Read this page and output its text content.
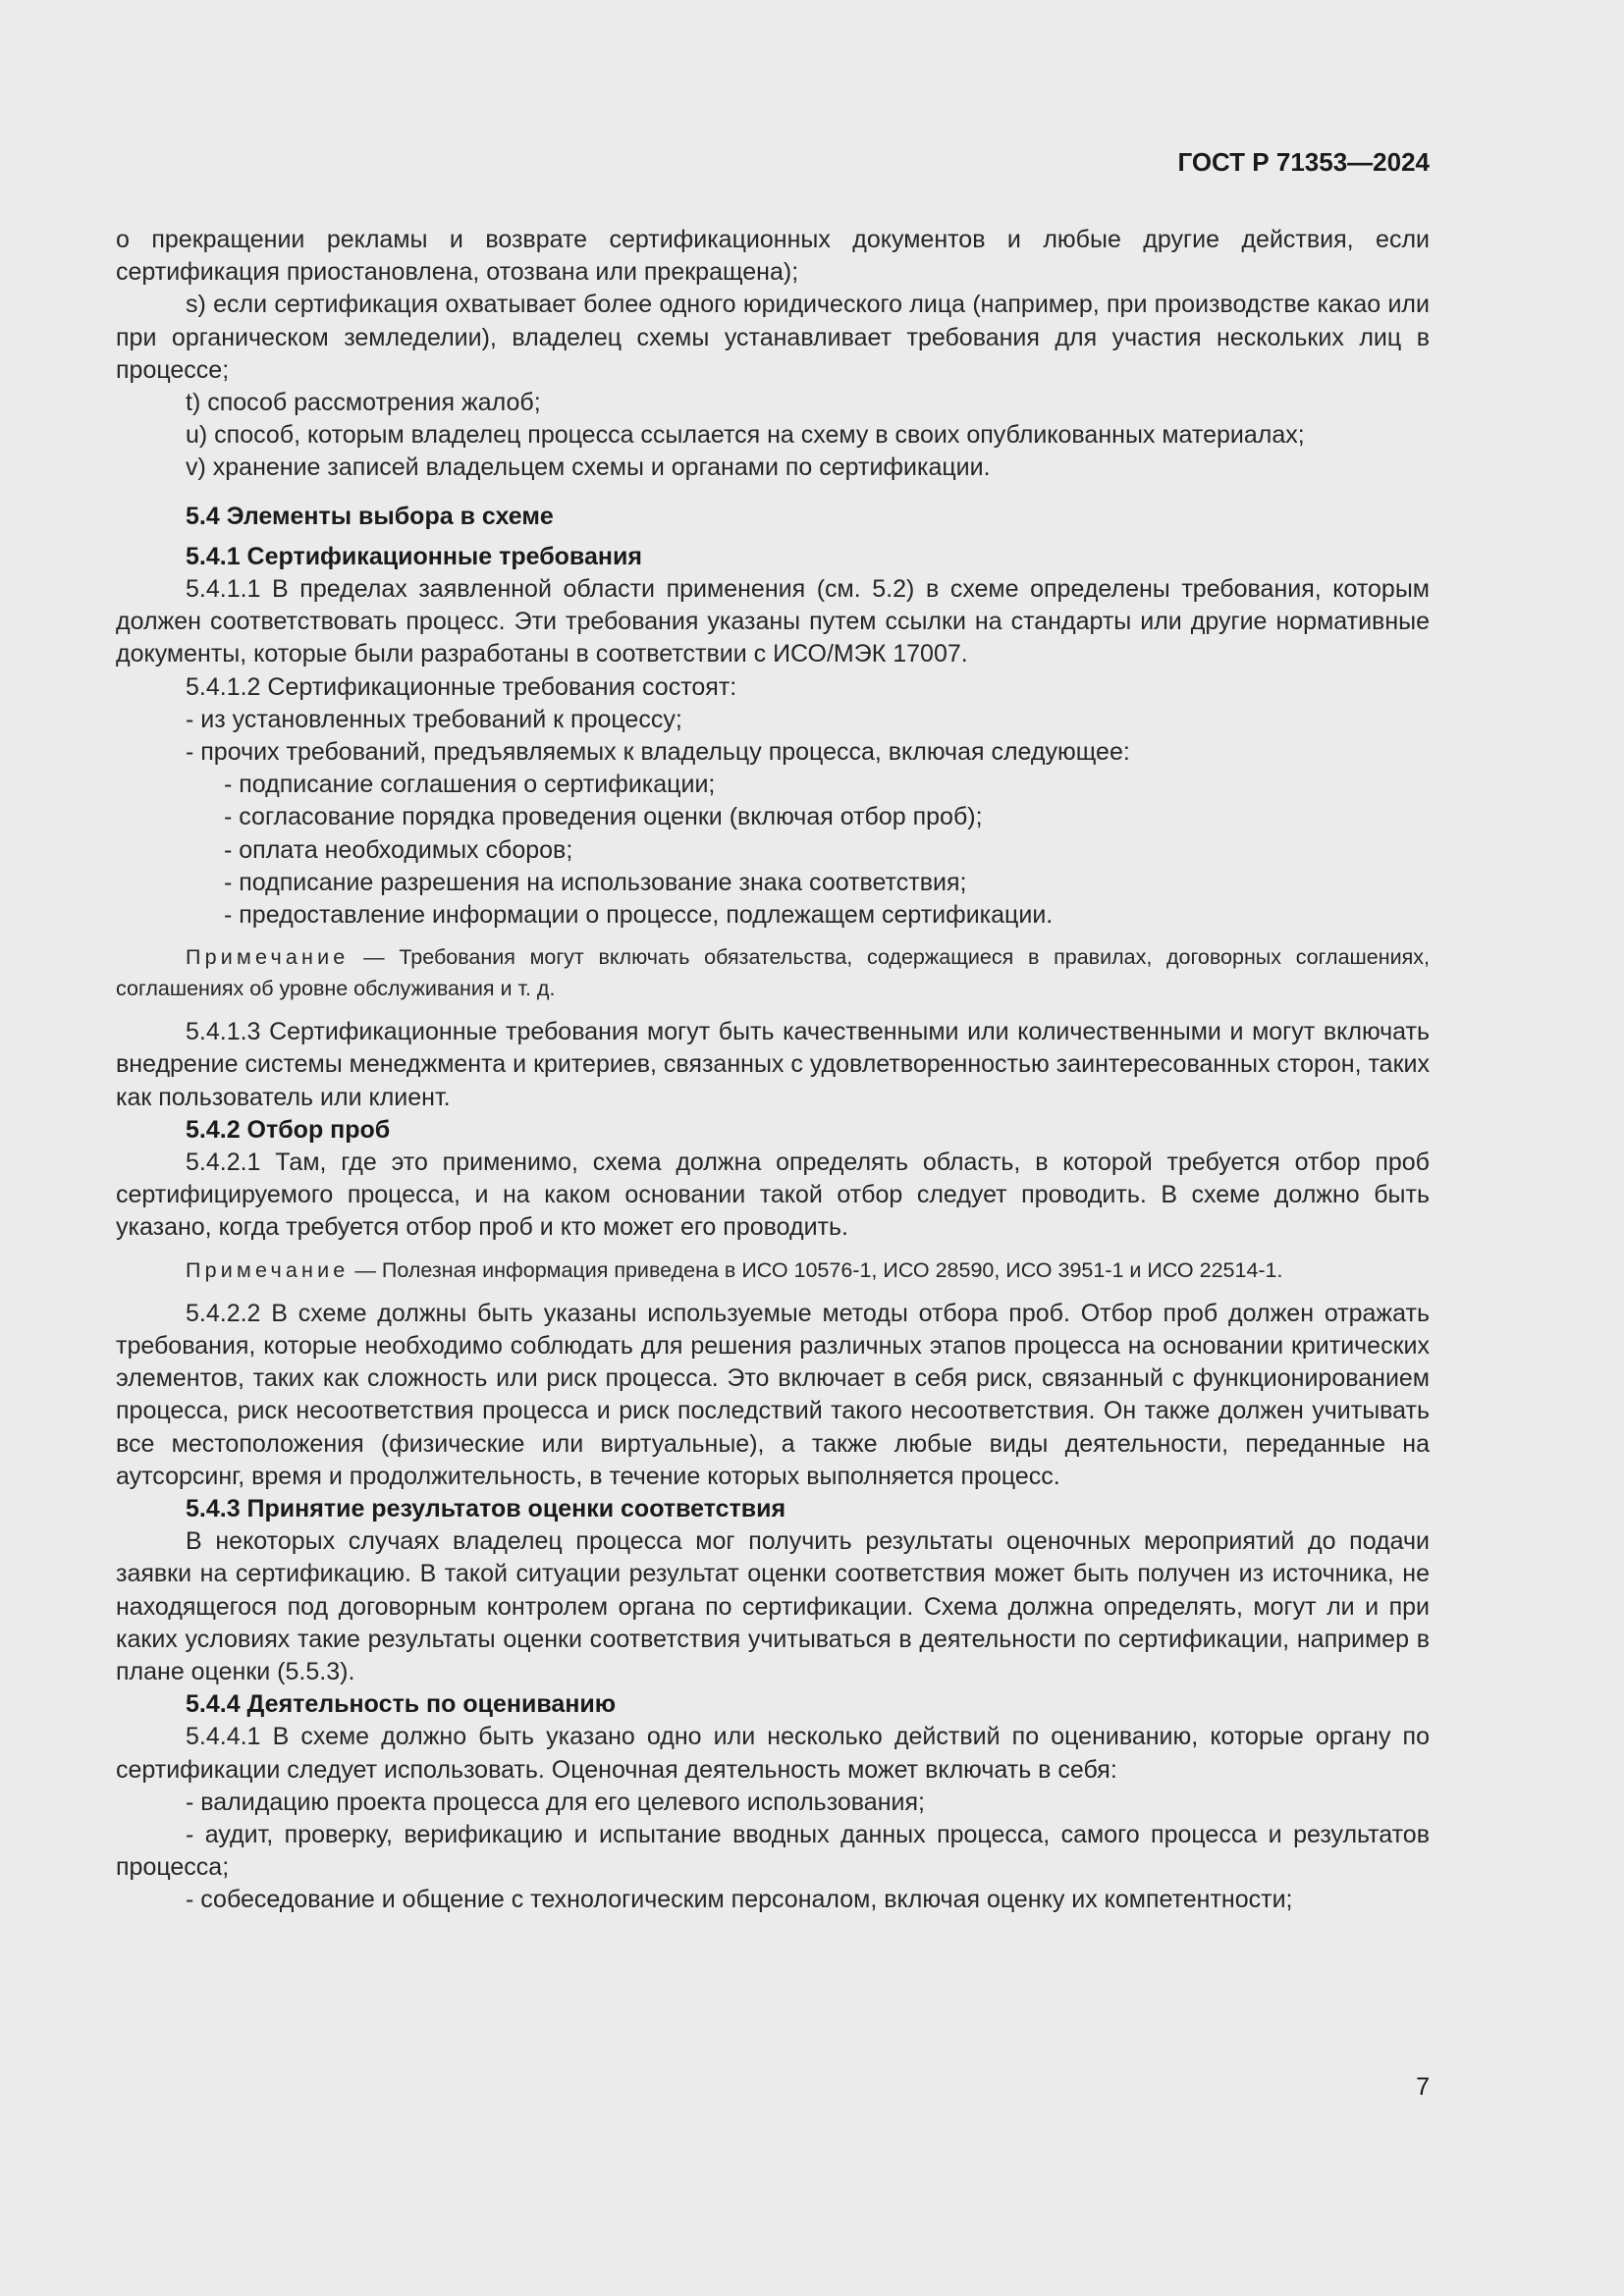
ГОСТ Р 71353—2024

о прекращении рекламы и возврате сертификационных документов и любые другие действия, если сертификация приостановлена, отозвана или прекращена);

s) если сертификация охватывает более одного юридического лица (например, при производстве какао или при органическом земледелии), владелец схемы устанавливает требования для участия нескольких лиц в процессе;

t) способ рассмотрения жалоб;

u) способ, которым владелец процесса ссылается на схему в своих опубликованных материалах;

v) хранение записей владельцем схемы и органами по сертификации.

5.4 Элементы выбора в схеме

5.4.1 Сертификационные требования

5.4.1.1 В пределах заявленной области применения (см. 5.2) в схеме определены требования, которым должен соответствовать процесс. Эти требования указаны путем ссылки на стандарты или другие нормативные документы, которые были разработаны в соответствии с ИСО/МЭК 17007.

5.4.1.2 Сертификационные требования состоят:

- из установленных требований к процессу;

- прочих требований, предъявляемых к владельцу процесса, включая следующее:

- подписание соглашения о сертификации;

- согласование порядка проведения оценки (включая отбор проб);

- оплата необходимых сборов;

- подписание разрешения на использование знака соответствия;

- предоставление информации о процессе, подлежащем сертификации.

Примечание — Требования могут включать обязательства, содержащиеся в правилах, договорных соглашениях, соглашениях об уровне обслуживания и т. д.

5.4.1.3 Сертификационные требования могут быть качественными или количественными и могут включать внедрение системы менеджмента и критериев, связанных с удовлетворенностью заинтересованных сторон, таких как пользователь или клиент.

5.4.2 Отбор проб

5.4.2.1 Там, где это применимо, схема должна определять область, в которой требуется отбор проб сертифицируемого процесса, и на каком основании такой отбор следует проводить. В схеме должно быть указано, когда требуется отбор проб и кто может его проводить.

Примечание — Полезная информация приведена в ИСО 10576-1, ИСО 28590, ИСО 3951-1 и ИСО 22514-1.

5.4.2.2 В схеме должны быть указаны используемые методы отбора проб. Отбор проб должен отражать требования, которые необходимо соблюдать для решения различных этапов процесса на основании критических элементов, таких как сложность или риск процесса. Это включает в себя риск, связанный с функционированием процесса, риск несоответствия процесса и риск последствий такого несоответствия. Он также должен учитывать все местоположения (физические или виртуальные), а также любые виды деятельности, переданные на аутсорсинг, время и продолжительность, в течение которых выполняется процесс.

5.4.3 Принятие результатов оценки соответствия

В некоторых случаях владелец процесса мог получить результаты оценочных мероприятий до подачи заявки на сертификацию. В такой ситуации результат оценки соответствия может быть получен из источника, не находящегося под договорным контролем органа по сертификации. Схема должна определять, могут ли и при каких условиях такие результаты оценки соответствия учитываться в деятельности по сертификации, например в плане оценки (5.5.3).

5.4.4 Деятельность по оцениванию

5.4.4.1 В схеме должно быть указано одно или несколько действий по оцениванию, которые органу по сертификации следует использовать. Оценочная деятельность может включать в себя:

- валидацию проекта процесса для его целевого использования;

- аудит, проверку, верификацию и испытание вводных данных процесса, самого процесса и результатов процесса;

- собеседование и общение с технологическим персоналом, включая оценку их компетентности;

7
